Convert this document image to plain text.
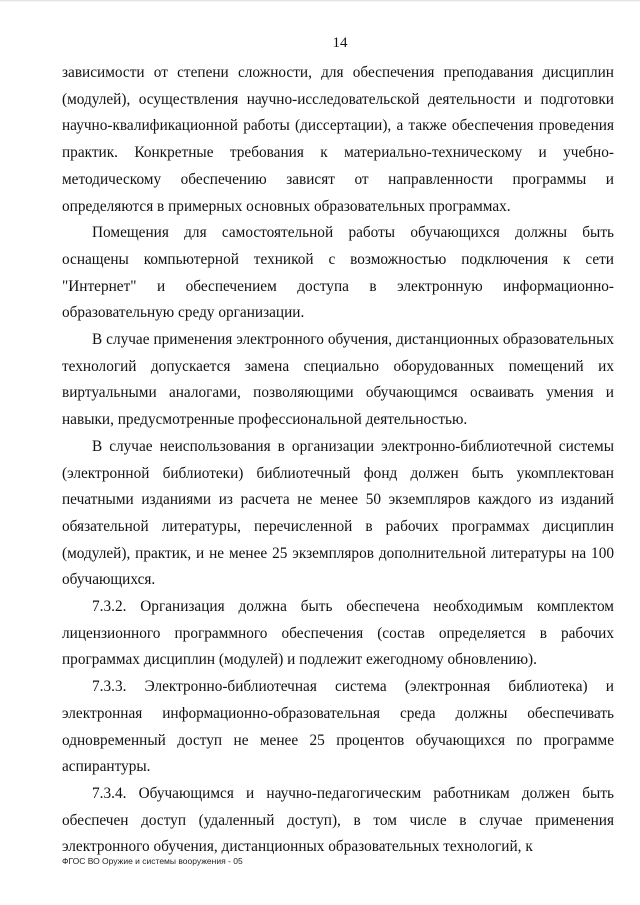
14

зависимости от степени сложности, для обеспечения преподавания дисциплин (модулей), осуществления научно-исследовательской деятельности и подготовки научно-квалификационной работы (диссертации), а также обеспечения проведения практик. Конкретные требования к материально-техническому и учебно-методическому обеспечению зависят от направленности программы и определяются в примерных основных образовательных программах.

Помещения для самостоятельной работы обучающихся должны быть оснащены компьютерной техникой с возможностью подключения к сети "Интернет" и обеспечением доступа в электронную информационно-образовательную среду организации.

В случае применения электронного обучения, дистанционных образовательных технологий допускается замена специально оборудованных помещений их виртуальными аналогами, позволяющими обучающимся осваивать умения и навыки, предусмотренные профессиональной деятельностью.

В случае неиспользования в организации электронно-библиотечной системы (электронной библиотеки) библиотечный фонд должен быть укомплектован печатными изданиями из расчета не менее 50 экземпляров каждого из изданий обязательной литературы, перечисленной в рабочих программах дисциплин (модулей), практик, и не менее 25 экземпляров дополнительной литературы на 100 обучающихся.

7.3.2. Организация должна быть обеспечена необходимым комплектом лицензионного программного обеспечения (состав определяется в рабочих программах дисциплин (модулей) и подлежит ежегодному обновлению).

7.3.3. Электронно-библиотечная система (электронная библиотека) и электронная информационно-образовательная среда должны обеспечивать одновременный доступ не менее 25 процентов обучающихся по программе аспирантуры.

7.3.4. Обучающимся и научно-педагогическим работникам должен быть обеспечен доступ (удаленный доступ), в том числе в случае применения электронного обучения, дистанционных образовательных технологий, к

ФГОС ВО Оружие и системы вооружения - 05
